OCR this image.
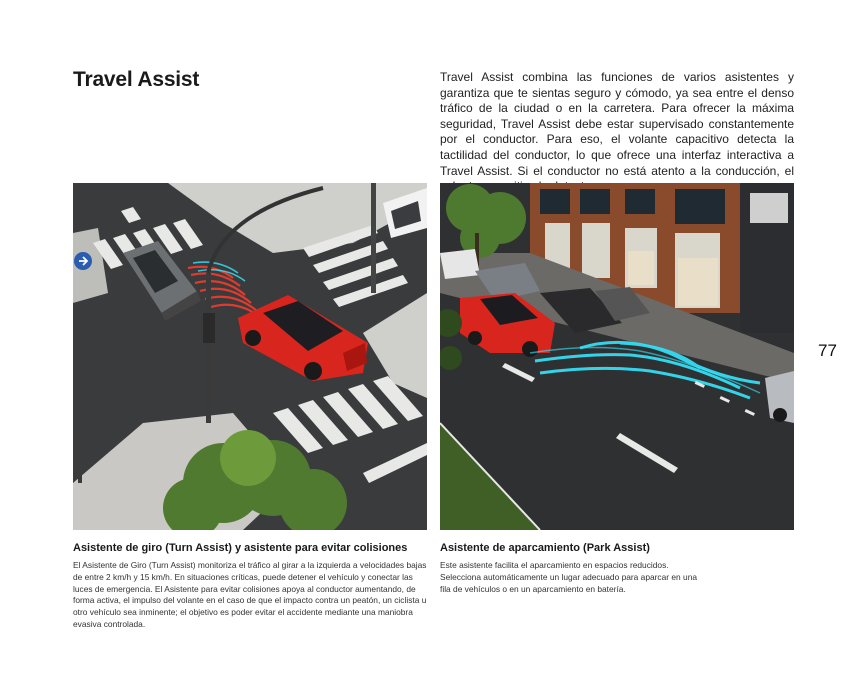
Travel Assist	Travel Assist combina las funciones de varios asistentes y garantiza que te sientas seguro y cómodo, ya sea entre el denso tráfico de la ciudad o en la carretera. Para ofrecer la máxima seguridad, Travel Assist debe estar supervisado constantemente por el conductor. Para eso, el volante capacitivo detecta la tactilidad del conductor, lo que ofrece una interfaz interactiva a Travel Assist. Si el conductor no está atento a la conducción, el

Asistente de giro (Turn Assist) y asistente para evitar colisiones

El Asistente de Giro (Turn Assist) monitoriza el tráfico al girar a la izquierda a velocidades bajas de entre 2 km/h y 15 km/h. En situaciones críticas, puede detener el vehículo y conectar las luces de emergencia. El Asistente para evitar colisiones apoya al conductor aumentando, de forma activa, el impulso del volante en el caso de que el impacto contra un peatón, un ciclista u otro vehículo sea inminente; el objetivo es poder evitar el accidente mediante una maniobra evasiva controlada.

Asistente de aparcamiento (Park Assist)

Este asistente facilita el aparcamiento en espacios reducidos. Selecciona automáticamente un lugar adecuado para aparcar en una fila de vehículos o en un aparcamiento en batería.

77
